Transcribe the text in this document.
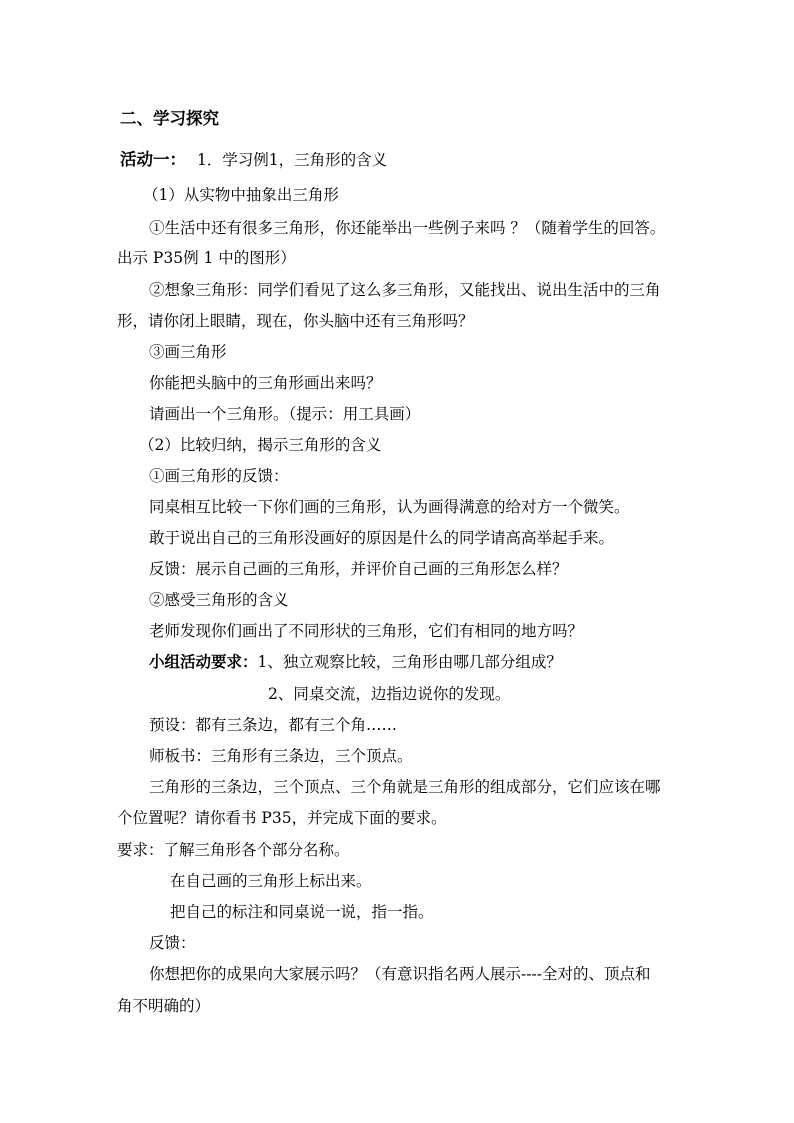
二、学习探究
活动一： 1．学习例1，三角形的含义
（1）从实物中抽象出三角形
①生活中还有很多三角形，你还能举出一些例子来吗 ？（随着学生的回答。
出示 P35例 1 中的图形）
②想象三角形：同学们看见了这么多三角形，又能找出、说出生活中的三角
形，请你闭上眼睛，现在，你头脑中还有三角形吗？
③画三角形
你能把头脑中的三角形画出来吗？
请画出一个三角形。（提示：用工具画）
（2）比较归纳，揭示三角形的含义
①画三角形的反馈：
同桌相互比较一下你们画的三角形，认为画得满意的给对方一个微笑。
敢于说出自己的三角形没画好的原因是什么的同学请高高举起手来。
反馈：展示自己画的三角形，并评价自己画的三角形怎么样？
②感受三角形的含义
老师发现你们画出了不同形状的三角形，它们有相同的地方吗？
小组活动要求：1、独立观察比较，三角形由哪几部分组成？
2、同桌交流，边指边说你的发现。
预设：都有三条边，都有三个角……
师板书：三角形有三条边，三个顶点。
三角形的三条边，三个顶点、三个角就是三角形的组成部分，它们应该在哪
个位置呢？请你看书 P35，并完成下面的要求。
要求：了解三角形各个部分名称。
在自己画的三角形上标出来。
把自己的标注和同桌说一说，指一指。
反馈：
你想把你的成果向大家展示吗？（有意识指名两人展示----全对的、顶点和
角不明确的）
